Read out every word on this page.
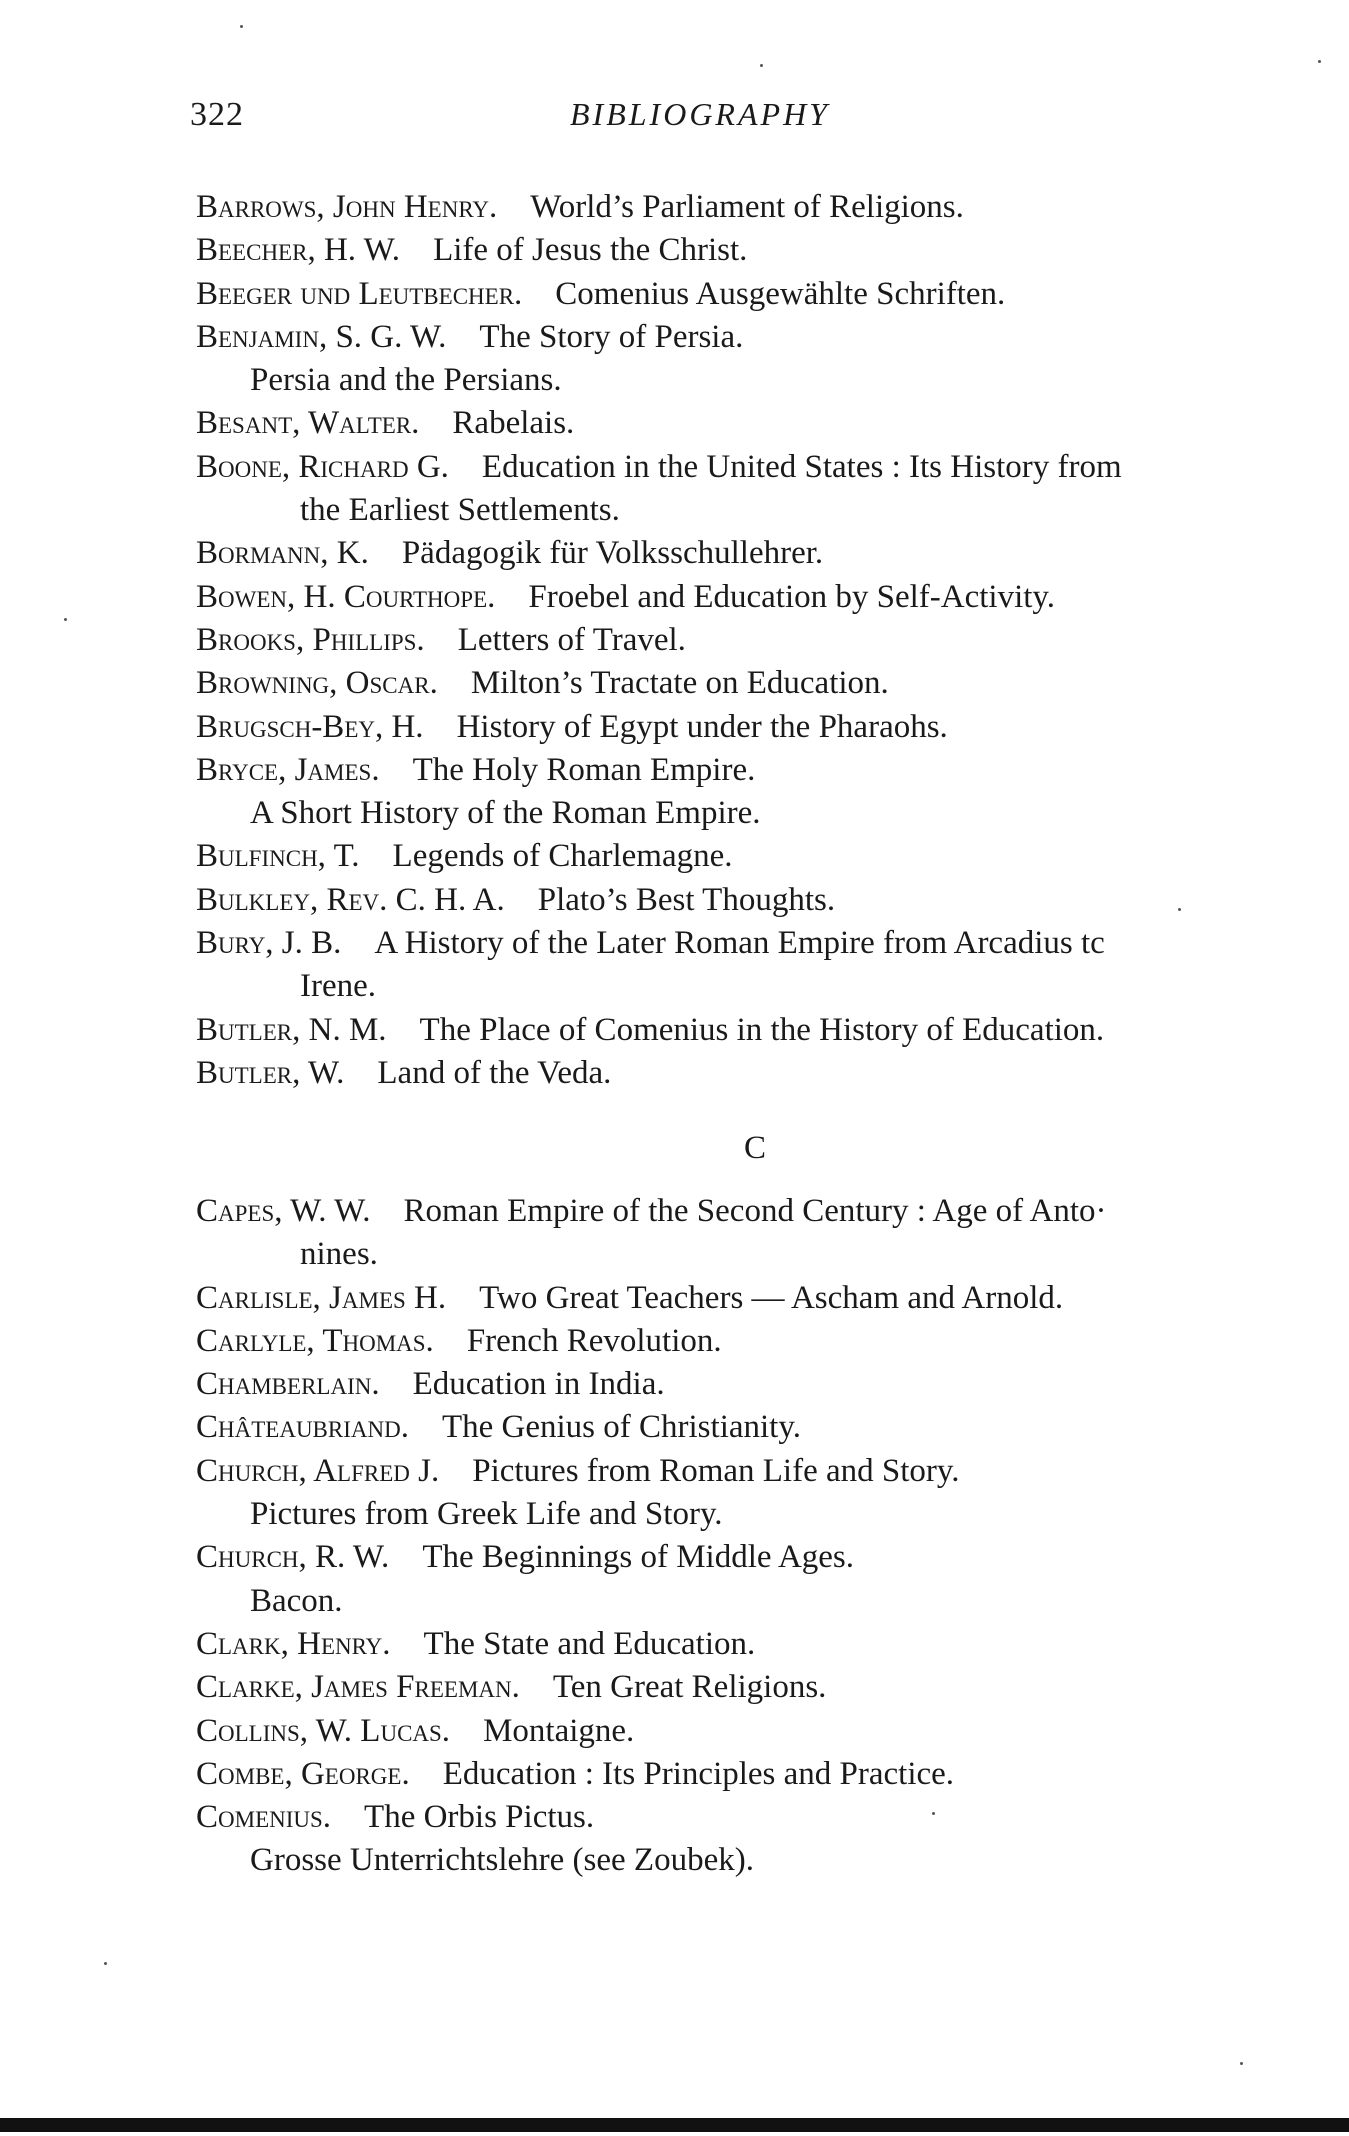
322	BIBLIOGRAPHY
Barrows, John Henry.  World’s Parliament of Religions.
Beecher, H. W.  Life of Jesus the Christ.
Beeger und Leutbecher.  Comenius Ausgewählte Schriften.
Benjamin, S. G. W.  The Story of Persia.
Persia and the Persians.
Besant, Walter.  Rabelais.
Boone, Richard G.  Education in the United States : Its History from
the Earliest Settlements.
Bormann, K.  Pädagogik für Volksschullehrer.
Bowen, H. Courthope.  Froebel and Education by Self-Activity.
Brooks, Phillips.  Letters of Travel.
Browning, Oscar.  Milton’s Tractate on Education.
Brugsch-Bey, H.  History of Egypt under the Pharaohs.
Bryce, James.  The Holy Roman Empire.
A Short History of the Roman Empire.
Bulfinch, T.  Legends of Charlemagne.
Bulkley, Rev. C. H. A.  Plato’s Best Thoughts.
Bury, J. B.  A History of the Later Roman Empire from Arcadius tc
Irene.
Butler, N. M.  The Place of Comenius in the History of Education.
Butler, W.  Land of the Veda.
C
Capes, W. W.  Roman Empire of the Second Century : Age of Anto·
nines.
Carlisle, James H.  Two Great Teachers — Ascham and Arnold.
Carlyle, Thomas.  French Revolution.
Chamberlain.  Education in India.
Châteaubriand.  The Genius of Christianity.
Church, Alfred J.  Pictures from Roman Life and Story.
Pictures from Greek Life and Story.
Church, R. W.  The Beginnings of Middle Ages.
Bacon.
Clark, Henry.  The State and Education.
Clarke, James Freeman.  Ten Great Religions.
Collins, W. Lucas.  Montaigne.
Combe, George.  Education : Its Principles and Practice.
Comenius.  The Orbis Pictus.
Grosse Unterrichtslehre (see Zoubek).
